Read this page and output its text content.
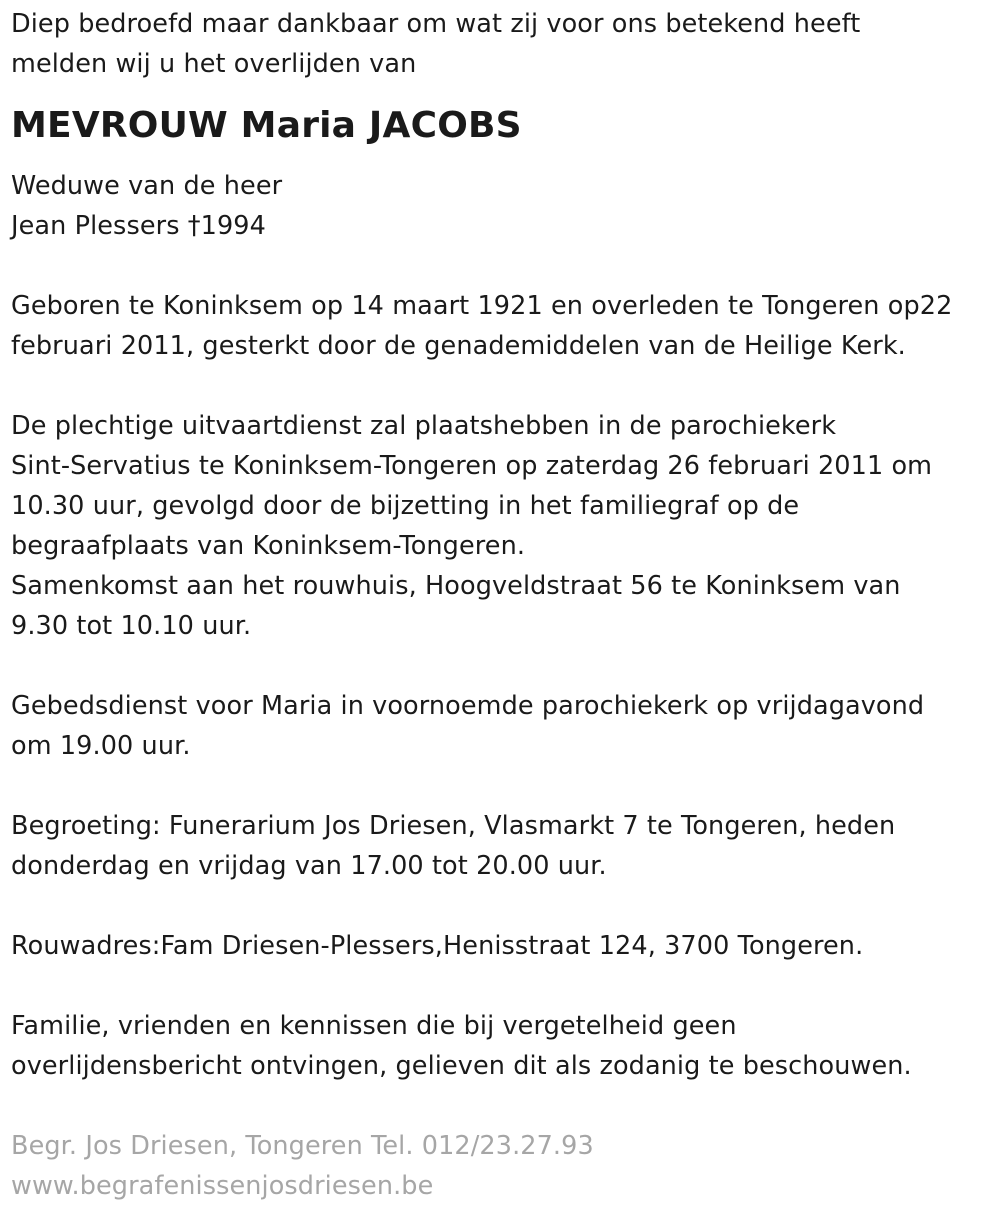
Diep bedroefd maar dankbaar om wat zij voor ons betekend heeft
melden wij u het overlijden van
MEVROUW Maria JACOBS
Weduwe van de heer
Jean Plessers †1994
Geboren te Koninksem op 14 maart 1921 en overleden te Tongeren op22
februari 2011, gesterkt door de genademiddelen van de Heilige Kerk.
De plechtige uitvaartdienst zal plaatshebben in de parochiekerk
Sint-Servatius te Koninksem-Tongeren op zaterdag 26 februari 2011 om
10.30 uur, gevolgd door de bijzetting in het familiegraf op de
begraafplaats van Koninksem-Tongeren.
Samenkomst aan het rouwhuis, Hoogveldstraat 56 te Koninksem van
9.30 tot 10.10 uur.
Gebedsdienst voor Maria in voornoemde parochiekerk op vrijdagavond
om 19.00 uur.
Begroeting: Funerarium Jos Driesen, Vlasmarkt 7 te Tongeren, heden
donderdag en vrijdag van 17.00 tot 20.00 uur.
Rouwadres:Fam Driesen-Plessers,Henisstraat 124, 3700 Tongeren.
Familie, vrienden en kennissen die bij vergetelheid geen
overlijdensbericht ontvingen, gelieven dit als zodanig te beschouwen.
Begr. Jos Driesen, Tongeren Tel. 012/23.27.93
www.begrafenissenjosdriesen.be
